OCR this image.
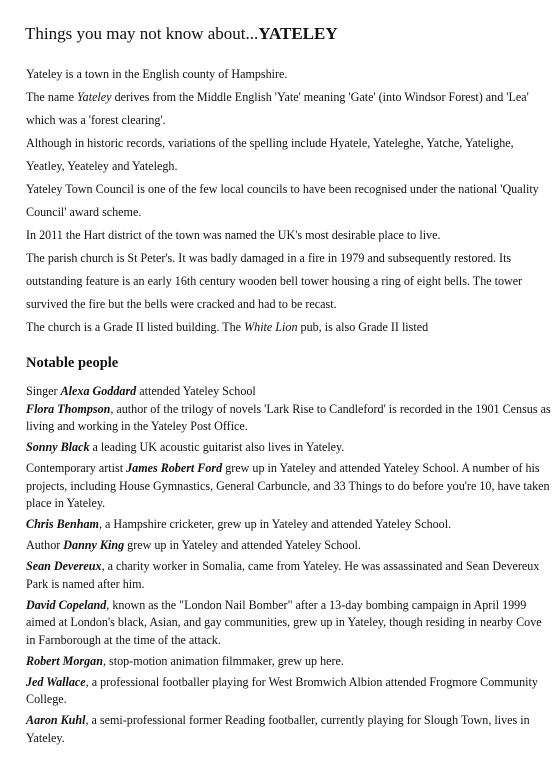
Things you may not know about...YATELEY

Yateley is a town in the English county of Hampshire.

The name Yateley derives from the Middle English 'Yate' meaning 'Gate' (into Windsor Forest) and 'Lea' which was a 'forest clearing'.

Although in historic records, variations of the spelling include Hyatele, Yateleghe, Yatche, Yatelighe, Yeatley, Yeateley and Yatelegh.

Yateley Town Council is one of the few local councils to have been recognised under the national 'Quality Council' award scheme.

In 2011 the Hart district of the town was named the UK's most desirable place to live.

The parish church is St Peter's. It was badly damaged in a fire in 1979 and subsequently restored. Its outstanding feature is an early 16th century wooden bell tower housing a ring of eight bells. The tower survived the fire but the bells were cracked and had to be recast.

The church is a Grade II listed building. The White Lion pub, is also Grade II listed

Notable people

Singer Alexa Goddard attended Yateley School

Flora Thompson, author of the trilogy of novels 'Lark Rise to Candleford' is recorded in the 1901 Census as living and working in the Yateley Post Office.

Sonny Black a leading UK acoustic guitarist also lives in Yateley.

Contemporary artist James Robert Ford grew up in Yateley and attended Yateley School. A number of his projects, including House Gymnastics, General Carbuncle, and 33 Things to do before you're 10, have taken place in Yateley.

Chris Benham, a Hampshire cricketer, grew up in Yateley and attended Yateley School.

Author Danny King grew up in Yateley and attended Yateley School.

Sean Devereux, a charity worker in Somalia, came from Yateley. He was assassinated and Sean Devereux Park is named after him.

David Copeland, known as the "London Nail Bomber" after a 13-day bombing campaign in April 1999 aimed at London's black, Asian, and gay communities, grew up in Yateley, though residing in nearby Cove in Farnborough at the time of the attack.

Robert Morgan, stop-motion animation filmmaker, grew up here.

Jed Wallace, a professional footballer playing for West Bromwich Albion attended Frogmore Community College.

Aaron Kuhl, a semi-professional former Reading footballer, currently playing for Slough Town, lives in Yateley.
